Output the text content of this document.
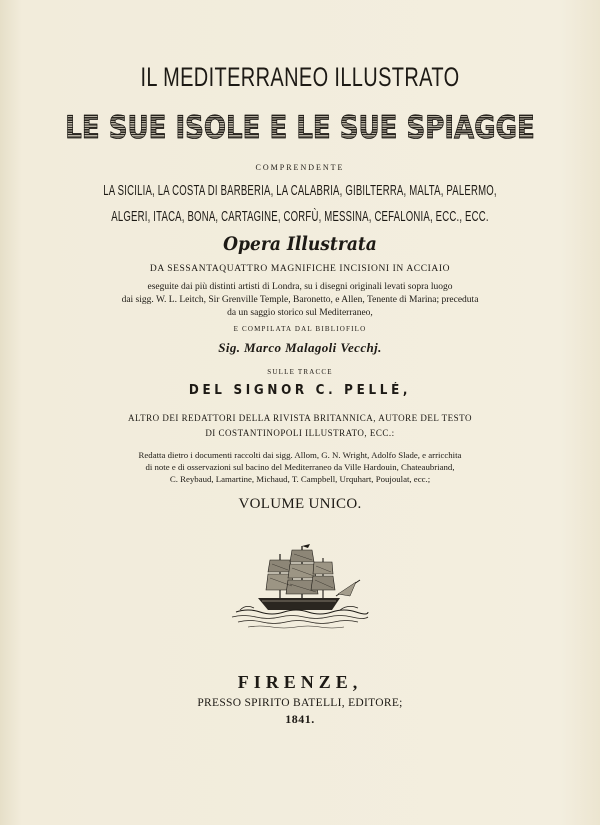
IL MEDITERRANEO ILLUSTRATO
LE SUE ISOLE E LE SUE SPIAGGE
COMPRENDENTE
LA SICILIA, LA COSTA DI BARBERIA, LA CALABRIA, GIBILTERRA, MALTA, PALERMO,
ALGERI, ITACA, BONA, CARTAGINE, CORFÙ, MESSINA, CEFALONIA, ECC., ECC.
Opera Illustrata
DA SESSANTAQUATTRO MAGNIFICHE INCISIONI IN ACCIAIO
eseguite dai più distinti artisti di Londra, su i disegni originali levati sopra luogo
dai sigg. W. L. Leitch, Sir Grenville Temple, Baronetto, e Allen, Tenente di Marina; preceduta
da un saggio storico sul Mediterraneo,
E COMPILATA DAL BIBLIOFILO
Sig. Marco Malagoli Vecchj.
SULLE TRACCE
DEL SIGNOR C. PELLÉ,
ALTRO DEI REDATTORI DELLA RIVISTA BRITANNICA, AUTORE DEL TESTO
DI COSTANTINOPOLI ILLUSTRATO, ECC.:
Redatta dietro i documenti raccolti dai sigg. Allom, G. N. Wright, Adolfo Slade, e arricchita
di note e di osservazioni sul bacino del Mediterraneo da Ville Hardouin, Chateaubriand,
C. Reybaud, Lamartine, Michaud, T. Campbell, Urquhart, Poujoulat, ecc.;
VOLUME UNICO.
FIRENZE,
PRESSO SPIRITO BATELLI, EDITORE;
1841.
